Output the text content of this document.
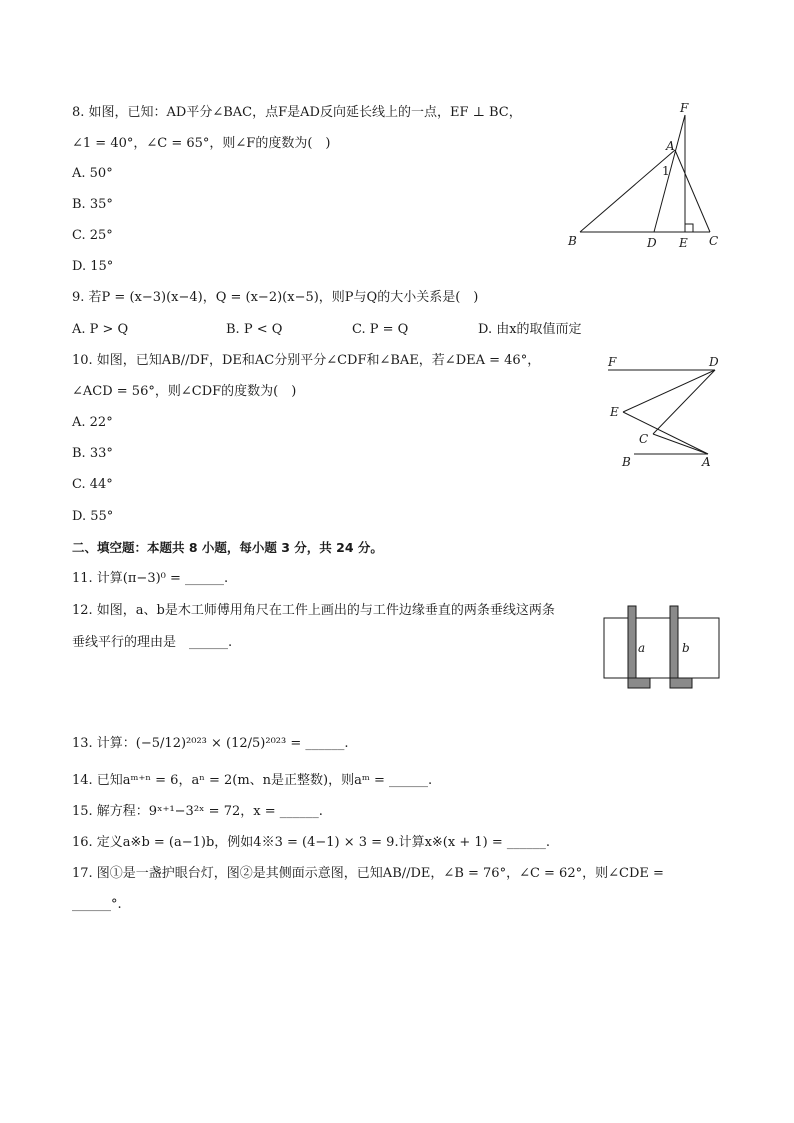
8. 如图，已知：AD平分∠BAC，点F是AD反向延长线上的一点，EF ⊥ BC，
∠1 = 40°，∠C = 65°，则∠F的度数为(　)
A. 50°
B. 35°
C. 25°
D. 15°
F
A
1
B	D E C
9. 若P = (x−3)(x−4)，Q = (x−2)(x−5)，则P与Q的大小关系是(　)
A. P > Q	B. P < Q	C. P = Q	D. 由x的取值而定
10. 如图，已知AB//DF，DE和AC分别平分∠CDF和∠BAE，若∠DEA = 46°，
∠ACD = 56°，则∠CDF的度数为(　)
A. 22°
B. 33°
C. 44°
D. 55°
F	D
E
C
B	A
二、填空题：本题共 8 小题，每小题 3 分，共 24 分。
11. 计算(π−3)⁰ = ______.
12. 如图，a、b是木工师傅用角尺在工件上画出的与工件边缘垂直的两条垂线这两条
垂线平行的理由是　______.	a	b
13. 计算：(−5/12)²⁰²³ × (12/5)²⁰²³ = ______.
14. 已知aᵐ⁺ⁿ = 6，aⁿ = 2(m、n是正整数)，则aᵐ = ______.
15. 解方程：9ˣ⁺¹−3²ˣ = 72，x = ______.
16. 定义a※b = (a−1)b，例如4※3 = (4−1) × 3 = 9.计算x※(x + 1) = ______.
17. 图①是一盏护眼台灯，图②是其侧面示意图，已知AB//DE，∠B = 76°，∠C = 62°，则∠CDE =
______°.
